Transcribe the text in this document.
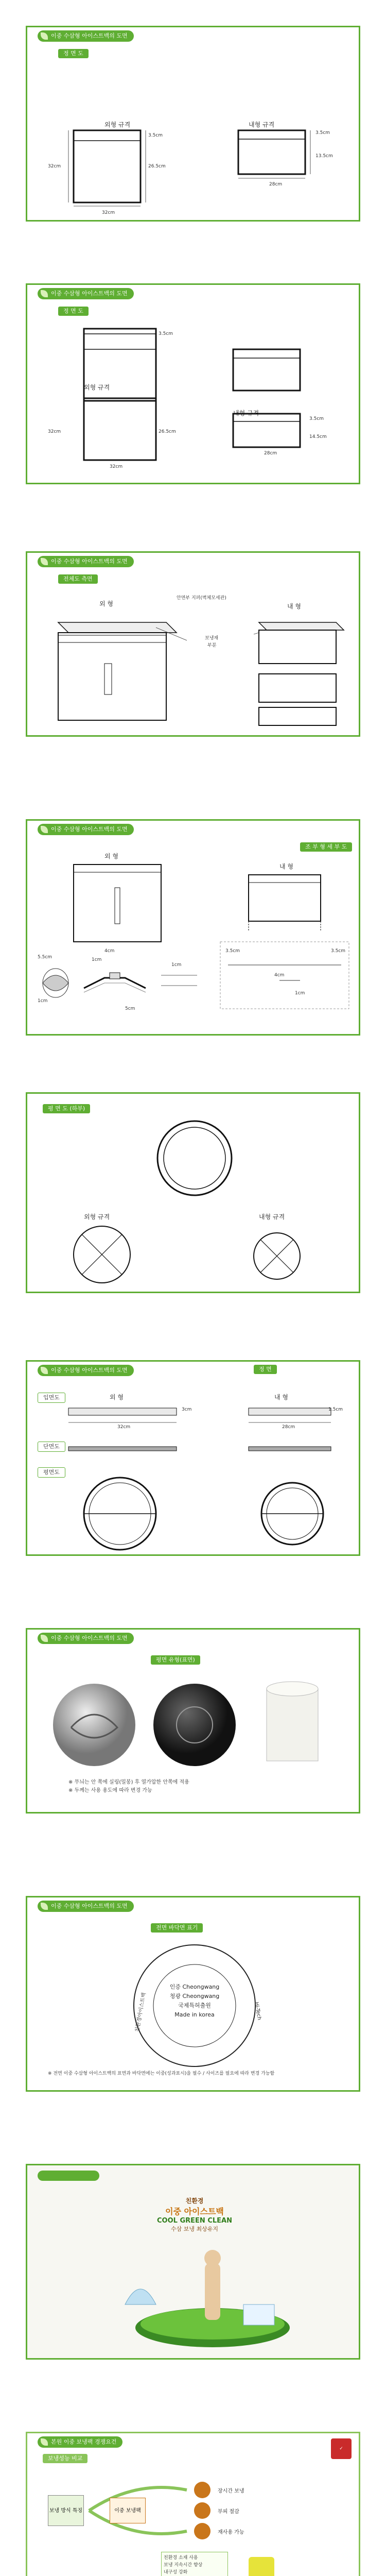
이중 수삼형 아이스트백의 도면
정 면 도
외형 규격	내형 규격
32cm	26.5cm
3.5cm
32cm
3.5cm
13.5cm
28cm
이중 수삼형 아이스트백의 도면
정 면 도
외형 규격
내형 규격
3.5cm
32cm	26.5cm
32cm
3.5cm
14.5cm
28cm
이중 수삼형 아이스트백의 도면
전체도 측면
외 형	내 형
안면부 지퍼(벽체모세관)
보냉재
부분
이중 수삼형 아이스트백의 도면
조 부 형 세 부 도
외 형
내 형
5.5cm
1cm
1cm
5cm
1cm
4cm	3.5cm	3.5cm
4cm
1cm
평 면 도 (하부)
외형 규격	내형 규격
이중 수삼형 아이스트백의 도면	정 면
입면도
단면도
평면도
외 형	내 형
32cm
3cm
28cm
1.5cm
이중 수삼형 아이스트백의 도면
평면 유형(표면)
※ 무늬는 안 쪽에 실링(밀봉) 후 열가압한 안쪽에 적용
※ 두께는 사용 용도에 따라 변경 가능
이중 수삼형 아이스트백의 도면
전면 바닥면 표기
인증 Cheongwang
청광 Cheongwang
국제특허출원
Made in korea
친환경아이스트백	Hi-Tech
※ 전면 이중 수삼형 아이스트백의 표면과 바닥면에는 이중(성과표시)을 필수 / 사이즈를 필요에 따라 변경 가능함
친환경
이중 아이스트백
COOL GREEN CLEAN
수삼 보냉 최상유지
본원 이중 보냉팩 경쟁요건
보냉성능 비교
✓
보냉 방식 특징	이중 보냉팩
장시간 보냉
부피 절감
재사용 가능
친환경 소재 사용
보냉 지속시간 향상
내구성 강화
